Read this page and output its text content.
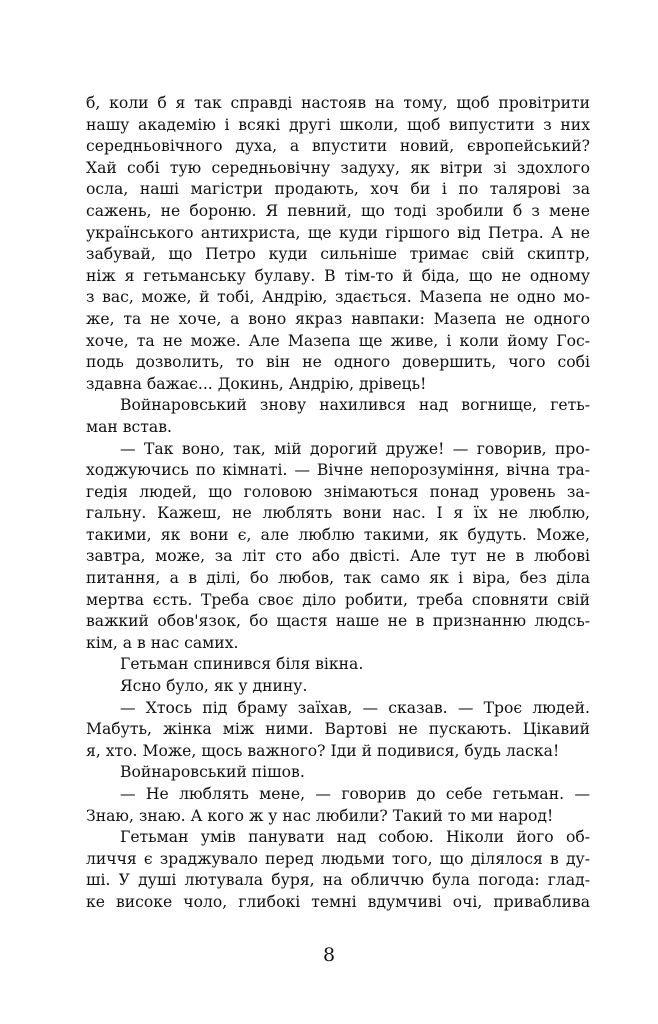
б, коли б я так справді настояв на тому, щоб провітрити
нашу академію і всякі другі школи, щоб випустити з них
середньовічного духа, а впустити новий, європейський?
Хай собі тую середньовічну задуху, як вітри зі здохлого
осла, наші магістри продають, хоч би і по талярові за
сажень, не бороню. Я певний, що тоді зробили б з мене
українського антихриста, ще куди гіршого від Петра. А не
забувай, що Петро куди сильніше тримає свій скиптр,
ніж я гетьманську булаву. В тім-то й біда, що не одному
з вас, може, й тобі, Андрію, здається. Мазепа не одно мо-
же, та не хоче, а воно якраз навпаки: Мазепа не одного
хоче, та не може. Але Мазепа ще живе, і коли йому Гос-
подь дозволить, то він не одного довершить, чого собі
здавна бажає... Докинь, Андрію, дрівець!
Войнаровський знову нахилився над вогнище, геть-
ман встав.
— Так воно, так, мій дорогий друже! — говорив, про-
ходжуючись по кімнаті. — Вічне непорозуміння, вічна тра-
гедія людей, що головою знімаються понад уровень за-
гальну. Кажеш, не люблять вони нас. І я їх не люблю,
такими, як вони є, але люблю такими, як будуть. Може,
завтра, може, за літ сто або двісті. Але тут не в любові
питання, а в ділі, бо любов, так само як і віра, без діла
мертва єсть. Треба своє діло робити, треба сповняти свій
важкий обов'язок, бо щастя наше не в признанню людсь-
кім, а в нас самих.
Гетьман спинився біля вікна.
Ясно було, як у днину.
— Хтось під браму заїхав, — сказав. — Троє людей.
Мабуть, жінка між ними. Вартові не пускають. Цікавий
я, хто. Може, щось важного? Іди й подивися, будь ласка!
Войнаровський пішов.
— Не люблять мене, — говорив до себе гетьман. —
Знаю, знаю. А кого ж у нас любили? Такий то ми народ!
Гетьман умів панувати над собою. Ніколи його об-
личчя є зраджувало перед людьми того, що ділялося в ду-
ші. У душі лютувала буря, на обличчю була погода: глад-
ке високе чоло, глибокі темні вдумчиві очі, приваблива
8
